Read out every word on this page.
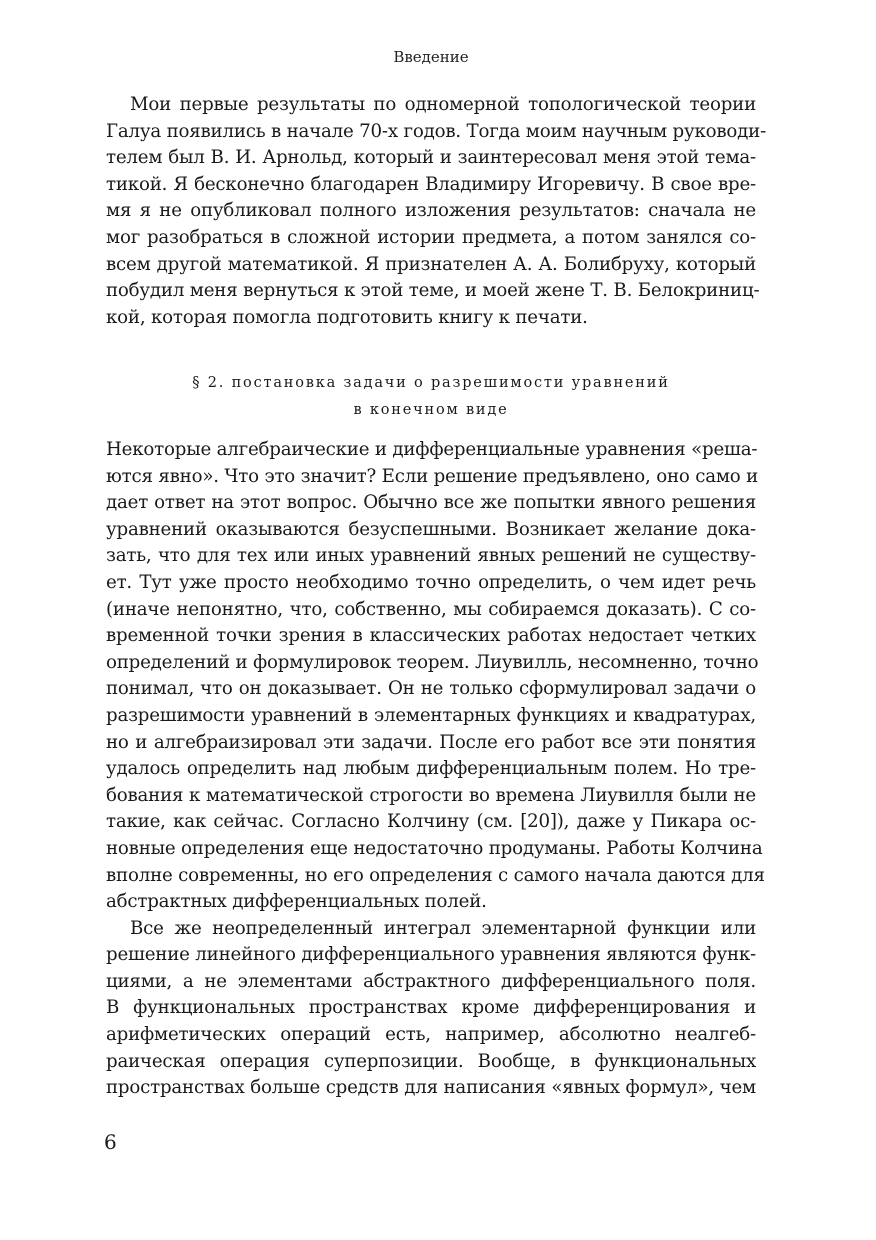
Введение
Мои первые результаты по одномерной топологической теории
Галуа появились в начале 70-х годов. Тогда моим научным руководи-
телем был В. И. Арнольд, который и заинтересовал меня этой тема-
тикой. Я бесконечно благодарен Владимиру Игоревичу. В свое вре-
мя я не опубликовал полного изложения результатов: сначала не
мог разобраться в сложной истории предмета, а потом занялся со-
всем другой математикой. Я признателен А. А. Болибруху, который
побудил меня вернуться к этой теме, и моей жене Т. В. Белокриниц-
кой, которая помогла подготовить книгу к печати.
§ 2. постановка задачи о разрешимости уравнений
в конечном виде
Некоторые алгебраические и дифференциальные уравнения «реша-
ются явно». Что это значит? Если решение предъявлено, оно само и
дает ответ на этот вопрос. Обычно все же попытки явного решения
уравнений оказываются безуспешными. Возникает желание дока-
зать, что для тех или иных уравнений явных решений не существу-
ет. Тут уже просто необходимо точно определить, о чем идет речь
(иначе непонятно, что, собственно, мы собираемся доказать). С со-
временной точки зрения в классических работах недостает четких
определений и формулировок теорем. Лиувилль, несомненно, точно
понимал, что он доказывает. Он не только сформулировал задачи о
разрешимости уравнений в элементарных функциях и квадратурах,
но и алгебраизировал эти задачи. После его работ все эти понятия
удалось определить над любым дифференциальным полем. Но тре-
бования к математической строгости во времена Лиувилля были не
такие, как сейчас. Согласно Колчину (см. [20]), даже у Пикара ос-
новные определения еще недостаточно продуманы. Работы Колчина
вполне современны, но его определения с самого начала даются для
абстрактных дифференциальных полей.
Все же неопределенный интеграл элементарной функции или
решение линейного дифференциального уравнения являются функ-
циями, а не элементами абстрактного дифференциального поля.
В функциональных пространствах кроме дифференцирования и
арифметических операций есть, например, абсолютно неалгеб-
раическая операция суперпозиции. Вообще, в функциональных
пространствах больше средств для написания «явных формул», чем
6
